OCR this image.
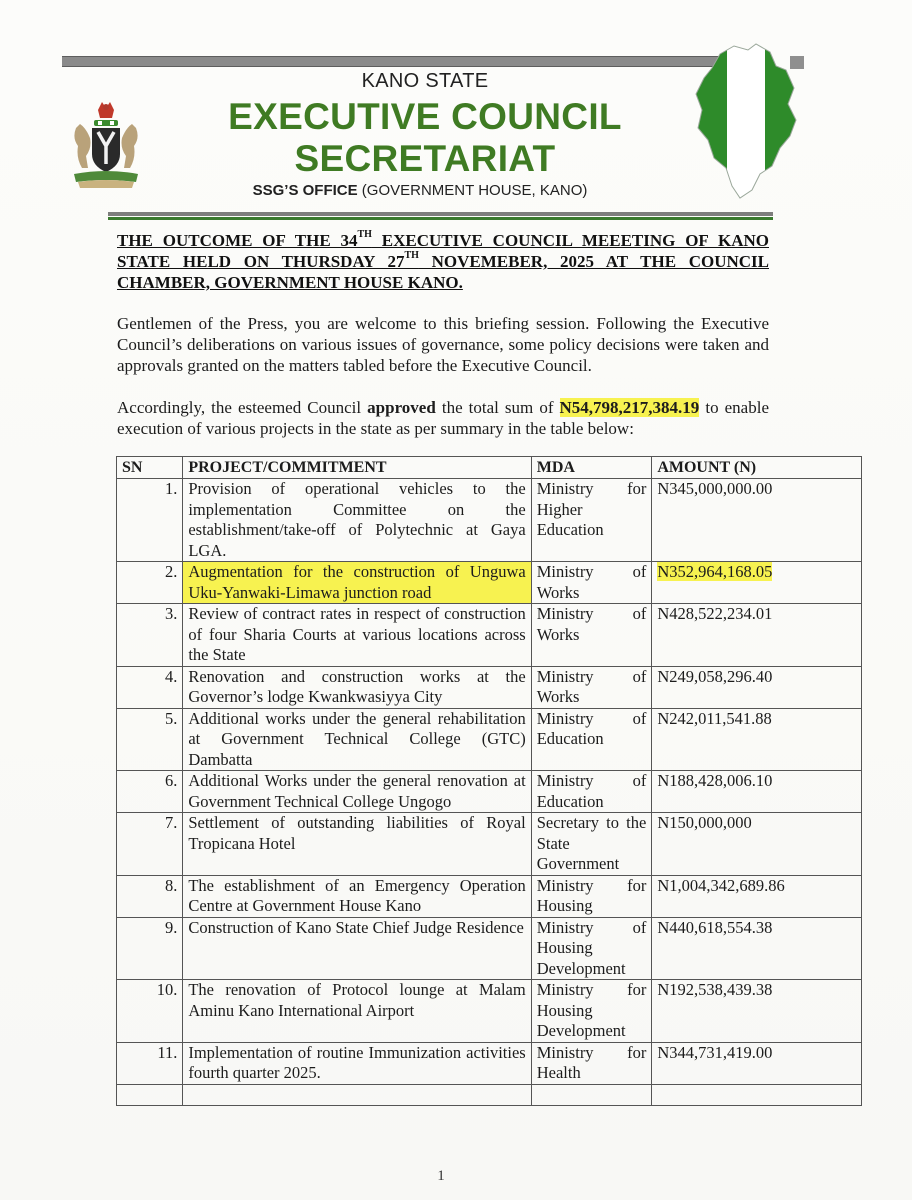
KANO STATE
EXECUTIVE COUNCIL
SECRETARIAT
SSG’S OFFICE (GOVERNMENT HOUSE, KANO)
THE OUTCOME OF THE 34TH EXECUTIVE COUNCIL MEEETING OF KANO STATE HELD ON THURSDAY 27TH NOVEMEBER, 2025 AT THE COUNCIL CHAMBER, GOVERNMENT HOUSE KANO.
Gentlemen of the Press, you are welcome to this briefing session. Following the Executive Council’s deliberations on various issues of governance, some policy decisions were taken and approvals granted on the matters tabled before the Executive Council.
Accordingly, the esteemed Council approved the total sum of N54,798,217,384.19 to enable execution of various projects in the state as per summary in the table below:
SN	PROJECT/COMMITMENT	MDA	AMOUNT (N)
1.	Provision of operational vehicles to the implementation Committee on the establishment/take-off of Polytechnic at Gaya LGA.	Ministry for Higher Education	N345,000,000.00
2.	Augmentation for the construction of Unguwa Uku-Yanwaki-Limawa junction road	Ministry of Works	N352,964,168.05
3.	Review of contract rates in respect of construction of four Sharia Courts at various locations across the State	Ministry of Works	N428,522,234.01
4.	Renovation and construction works at the Governor’s lodge Kwankwasiyya City	Ministry of Works	N249,058,296.40
5.	Additional works under the general rehabilitation at Government Technical College (GTC) Dambatta	Ministry of Education	N242,011,541.88
6.	Additional Works under the general renovation at Government Technical College Ungogo	Ministry of Education	N188,428,006.10
7.	Settlement of outstanding liabilities of Royal Tropicana Hotel	Secretary to the State Government	N150,000,000
8.	The establishment of an Emergency Operation Centre at Government House Kano	Ministry for Housing	N1,004,342,689.86
9.	Construction of Kano State Chief Judge Residence	Ministry of Housing Development	N440,618,554.38
10.	The renovation of Protocol lounge at Malam Aminu Kano International Airport	Ministry for Housing Development	N192,538,439.38
11.	Implementation of routine Immunization activities fourth quarter 2025.	Ministry for Health	N344,731,419.00

1
